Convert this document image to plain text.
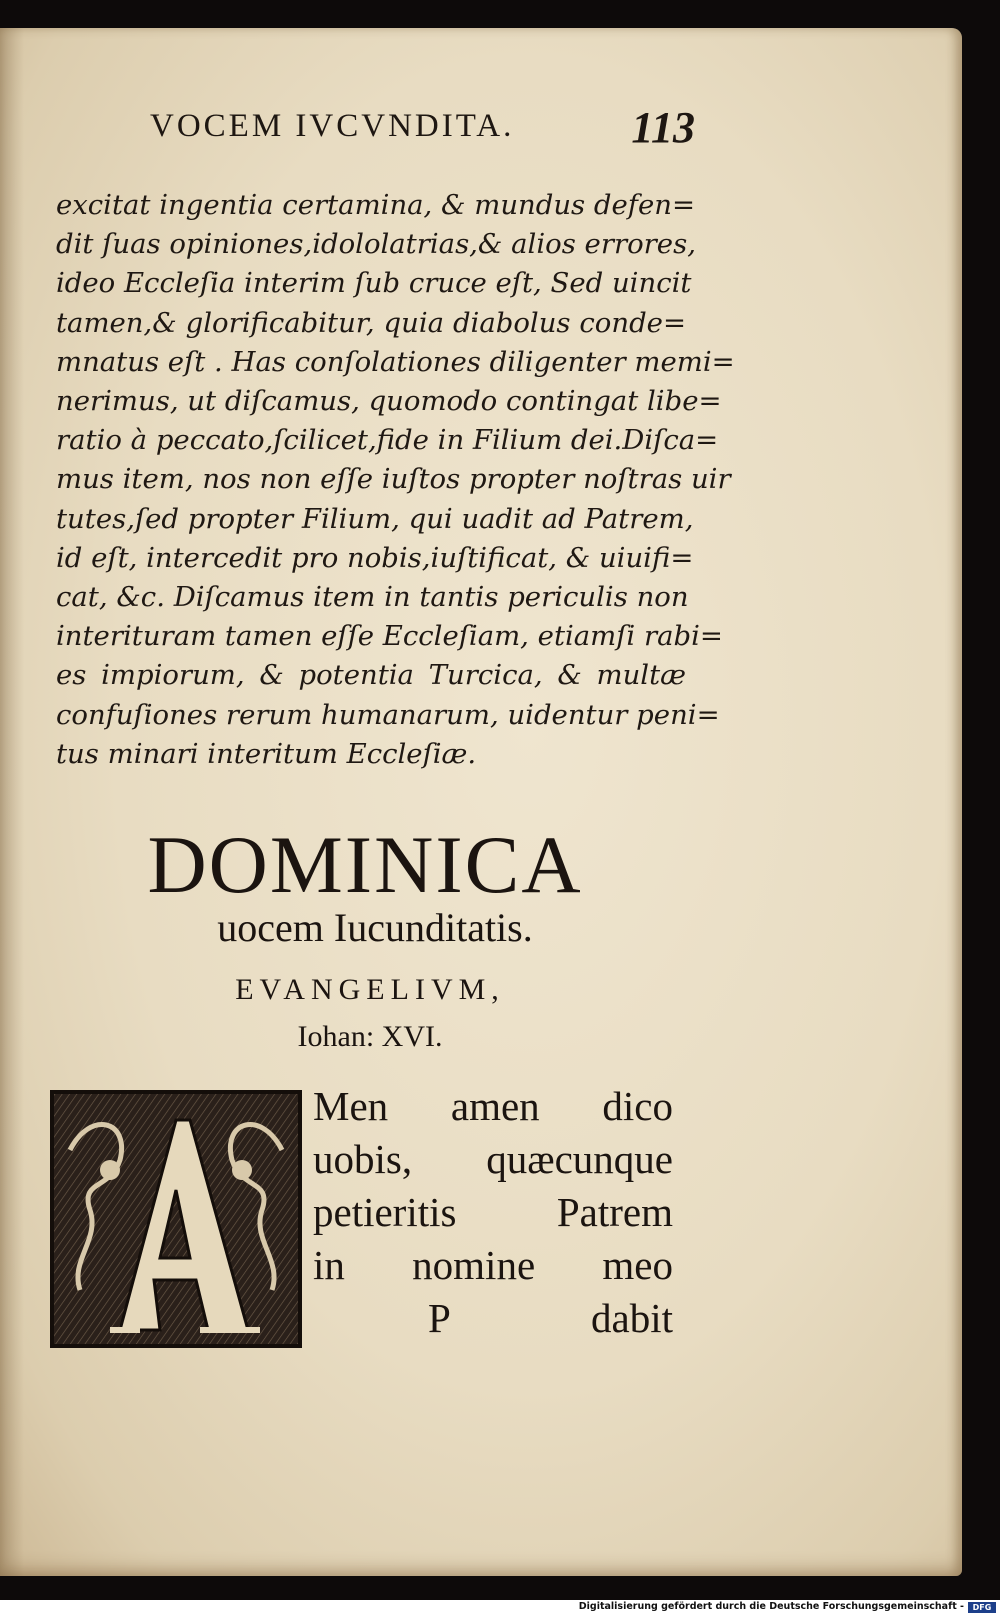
VOCEM IVCVNDITA.	113
excitat ingentia certamina, & mundus defen=
dit ſuas opiniones,idololatrias,& alios errores,
ideo Eccleſia interim ſub cruce eſt, Sed uincit
tamen,& glorificabitur, quia diabolus conde=
mnatus eſt . Has conſolationes diligenter memi=
nerimus, ut diſcamus, quomodo contingat libe=
ratio à peccato,ſcilicet,fide in Filium dei.Diſca=
mus item, nos non eſſe iuſtos propter noſtras uir
tutes,ſed propter Filium, qui uadit ad Patrem,
id eſt, intercedit pro nobis,iuſtificat, & uiuifi=
cat, &c. Diſcamus item in tantis periculis non
interituram tamen eſſe Eccleſiam, etiamſi rabi=
es impiorum, & potentia Turcica, & multæ
confuſiones rerum humanarum, uidentur peni=
tus minari interitum Eccleſiæ.
DOMINICA
uocem Iucunditatis.
EVANGELIVM,
Iohan: XVI.
Men amen dico
uobis, quæcunque
petieritis Patrem
in nomine meo
P	dabit
Digitalisierung gefördert durch die Deutsche Forschungsgemeinschaft -	DFG
